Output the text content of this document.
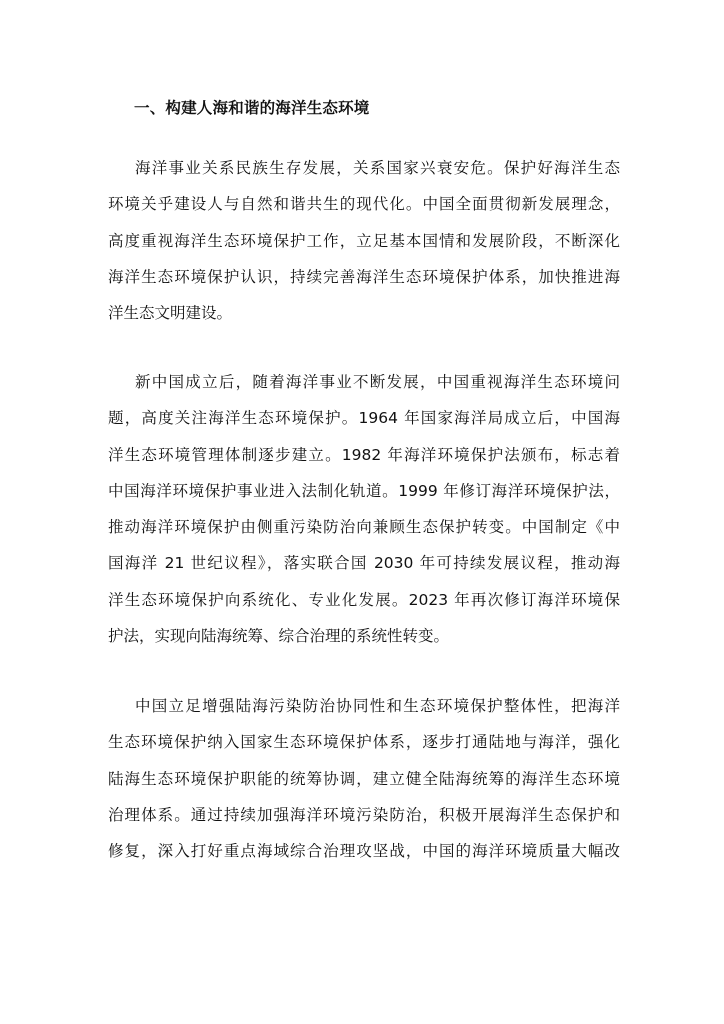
一、构建人海和谐的海洋生态环境
海洋事业关系民族生存发展，关系国家兴衰安危。保护好海洋生态
环境关乎建设人与自然和谐共生的现代化。中国全面贯彻新发展理念，
高度重视海洋生态环境保护工作，立足基本国情和发展阶段，不断深化
海洋生态环境保护认识，持续完善海洋生态环境保护体系，加快推进海
洋生态文明建设。
新中国成立后，随着海洋事业不断发展，中国重视海洋生态环境问
题，高度关注海洋生态环境保护。1964 年国家海洋局成立后，中国海
洋生态环境管理体制逐步建立。1982 年海洋环境保护法颁布，标志着
中国海洋环境保护事业进入法制化轨道。1999 年修订海洋环境保护法，
推动海洋环境保护由侧重污染防治向兼顾生态保护转变。中国制定《中
国海洋 21 世纪议程》，落实联合国 2030 年可持续发展议程，推动海
洋生态环境保护向系统化、专业化发展。2023 年再次修订海洋环境保
护法，实现向陆海统筹、综合治理的系统性转变。
中国立足增强陆海污染防治协同性和生态环境保护整体性，把海洋
生态环境保护纳入国家生态环境保护体系，逐步打通陆地与海洋，强化
陆海生态环境保护职能的统筹协调，建立健全陆海统筹的海洋生态环境
治理体系。通过持续加强海洋环境污染防治，积极开展海洋生态保护和
修复，深入打好重点海域综合治理攻坚战，中国的海洋环境质量大幅改
